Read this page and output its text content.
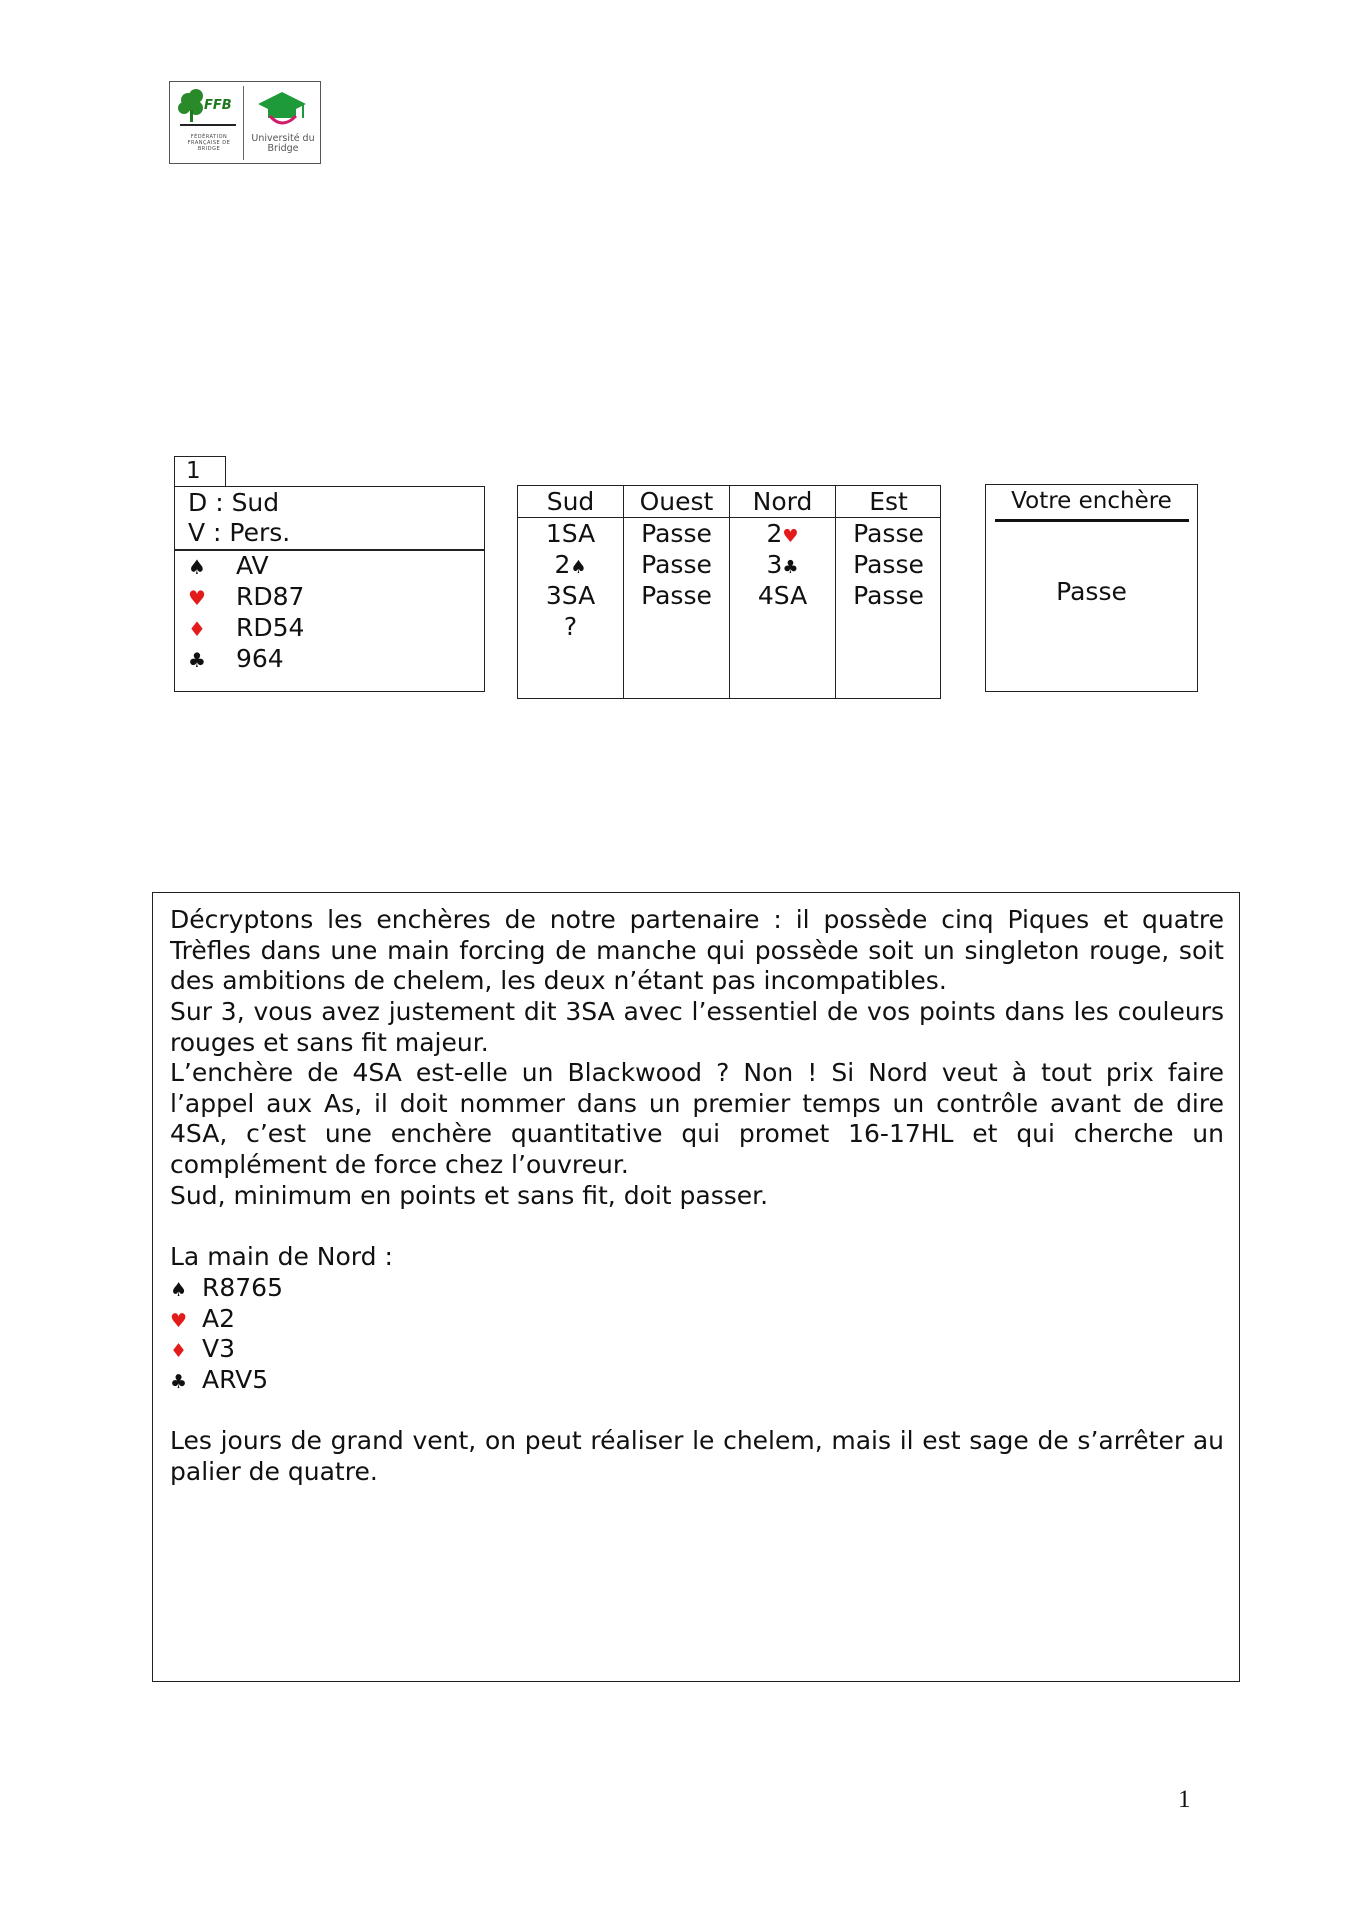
FFB
FÉDÉRATION FRANÇAISE DE BRIDGE
Université du Bridge
1
D : Sud
V : Pers.
♠ AV
♥ RD87
♦ RD54
♣ 964
Sud
1SA
2♠
3SA
?
Ouest
Passe
Passe
Passe
Nord
2♥
3♣
4SA
Est
Passe
Passe
Passe
Votre enchère
Passe
Décryptons les enchères de notre partenaire : il possède cinq Piques et quatre Trèfles dans une main forcing de manche qui possède soit un singleton rouge, soit des ambitions de chelem, les deux n’étant pas incompatibles.
Sur 3, vous avez justement dit 3SA avec l’essentiel de vos points dans les couleurs rouges et sans fit majeur.
L’enchère de 4SA est-elle un Blackwood ? Non ! Si Nord veut à tout prix faire l’appel aux As, il doit nommer dans un premier temps un contrôle avant de dire 4SA, c’est une enchère quantitative qui promet 16-17HL et qui cherche un complément de force chez l’ouvreur.
Sud, minimum en points et sans fit, doit passer.
La main de Nord :
♠ R8765
♥ A2
♦ V3
♣ ARV5
Les jours de grand vent, on peut réaliser le chelem, mais il est sage de s’arrêter au palier de quatre.
1
